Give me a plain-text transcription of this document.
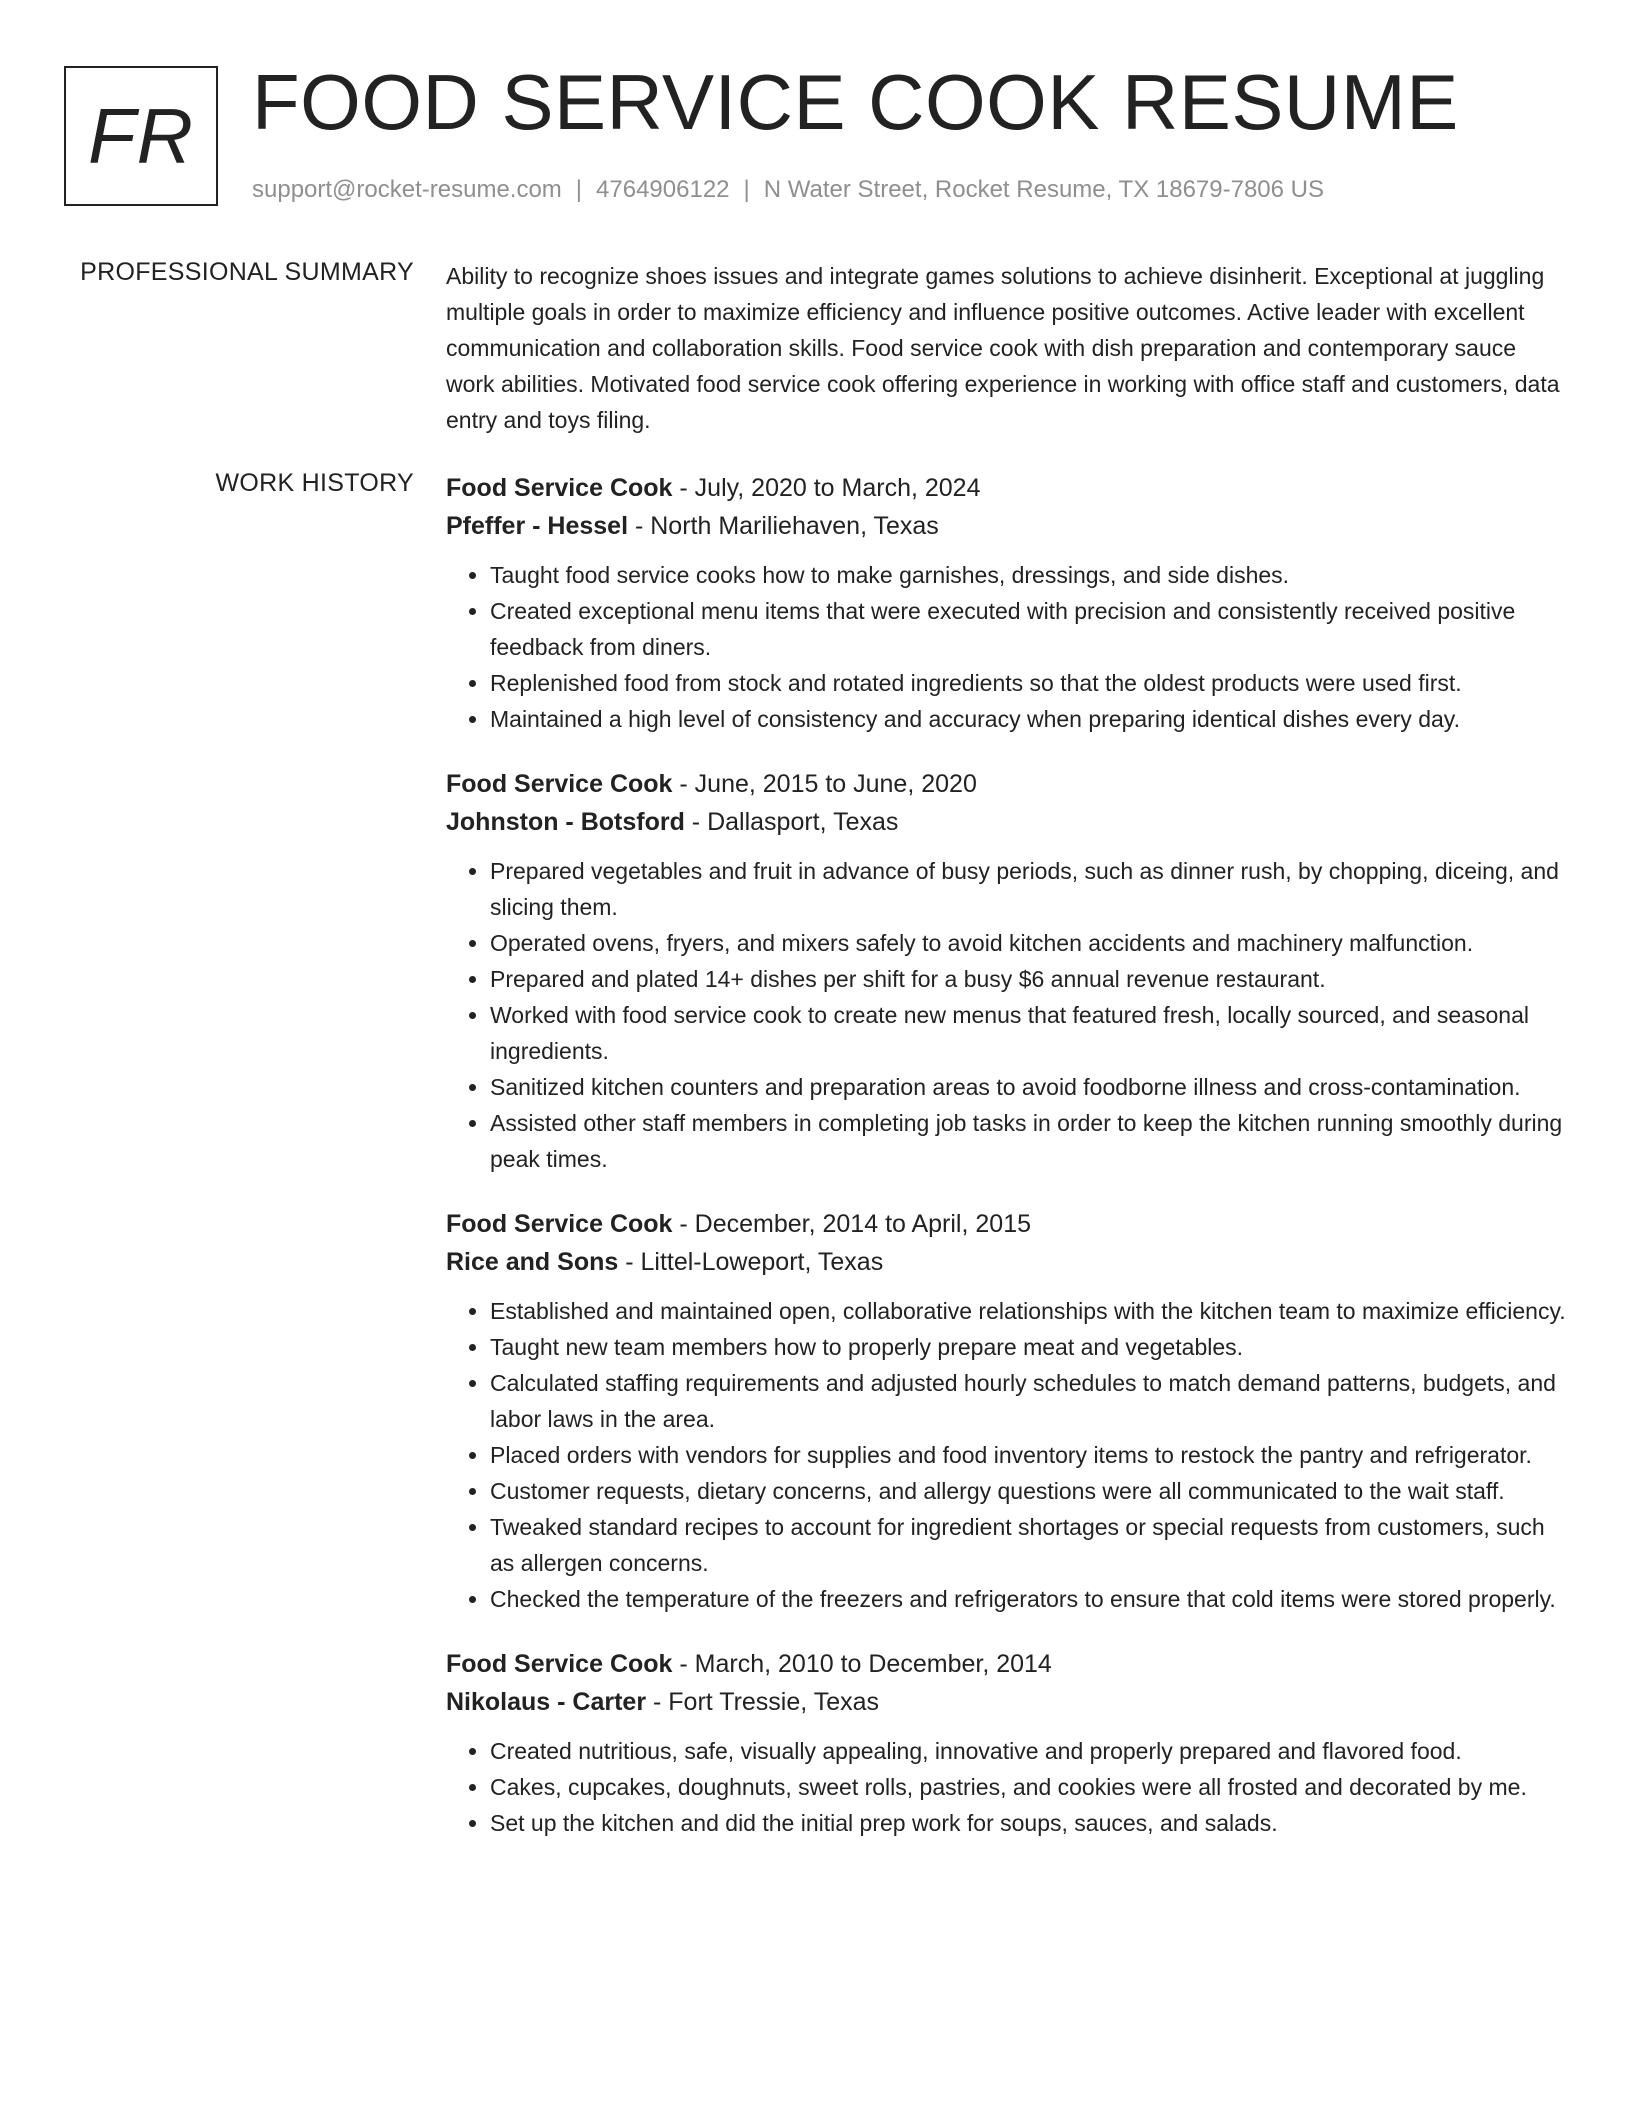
FR FOOD SERVICE COOK RESUME
support@rocket-resume.com | 4764906122 | N Water Street, Rocket Resume, TX 18679-7806 US
PROFESSIONAL SUMMARY Ability to recognize shoes issues and integrate games solutions to achieve disinherit. Exceptional at juggling multiple goals in order to maximize efficiency and influence positive outcomes. Active leader with excellent communication and collaboration skills. Food service cook with dish preparation and contemporary sauce work abilities. Motivated food service cook offering experience in working with office staff and customers, data entry and toys filing.

WORK HISTORY Food Service Cook - July, 2020 to March, 2024
Pfeffer - Hessel - North Mariliehaven, Texas
• Taught food service cooks how to make garnishes, dressings, and side dishes.
• Created exceptional menu items that were executed with precision and consistently received positive feedback from diners.
• Replenished food from stock and rotated ingredients so that the oldest products were used first.
• Maintained a high level of consistency and accuracy when preparing identical dishes every day.
Food Service Cook - June, 2015 to June, 2020
Johnston - Botsford - Dallasport, Texas
• Prepared vegetables and fruit in advance of busy periods, such as dinner rush, by chopping, diceing, and slicing them.
• Operated ovens, fryers, and mixers safely to avoid kitchen accidents and machinery malfunction.
• Prepared and plated 14+ dishes per shift for a busy $6 annual revenue restaurant.
• Worked with food service cook to create new menus that featured fresh, locally sourced, and seasonal ingredients.
• Sanitized kitchen counters and preparation areas to avoid foodborne illness and cross-contamination.
• Assisted other staff members in completing job tasks in order to keep the kitchen running smoothly during peak times.
Food Service Cook - December, 2014 to April, 2015
Rice and Sons - Littel-Loweport, Texas
• Established and maintained open, collaborative relationships with the kitchen team to maximize efficiency.
• Taught new team members how to properly prepare meat and vegetables.
• Calculated staffing requirements and adjusted hourly schedules to match demand patterns, budgets, and labor laws in the area.
• Placed orders with vendors for supplies and food inventory items to restock the pantry and refrigerator.
• Customer requests, dietary concerns, and allergy questions were all communicated to the wait staff.
• Tweaked standard recipes to account for ingredient shortages or special requests from customers, such as allergen concerns.
• Checked the temperature of the freezers and refrigerators to ensure that cold items were stored properly.
Food Service Cook - March, 2010 to December, 2014
Nikolaus - Carter - Fort Tressie, Texas
• Created nutritious, safe, visually appealing, innovative and properly prepared and flavored food.
• Cakes, cupcakes, doughnuts, sweet rolls, pastries, and cookies were all frosted and decorated by me.
• Set up the kitchen and did the initial prep work for soups, sauces, and salads.
